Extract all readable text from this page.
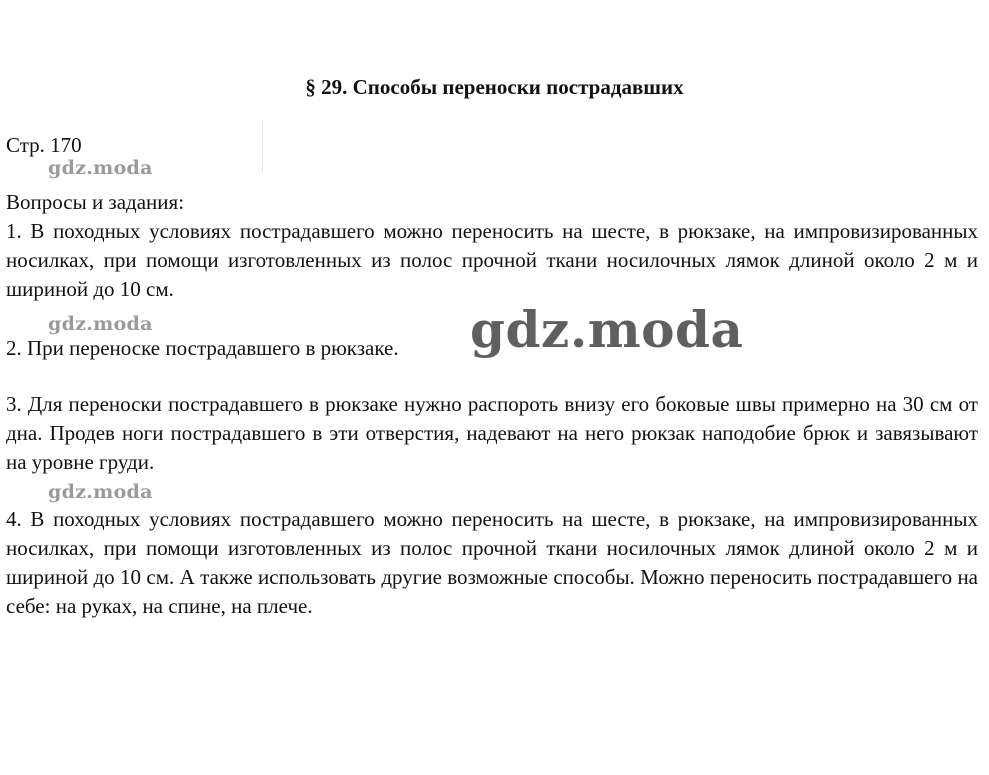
§ 29. Способы переноски пострадавших
Стр. 170
gdz.moda
Вопросы и задания:
1. В походных условиях пострадавшего можно переносить на шесте, в рюкзаке, на импровизированных носилках, при помощи изготовленных из полос прочной ткани носилочных лямок длиной около 2 м и шириной до 10 см.
gdz.moda
2. При переноске пострадавшего в рюкзаке. gdz.moda
3. Для переноски пострадавшего в рюкзаке нужно распороть внизу его боковые швы примерно на 30 см от дна. Продев ноги пострадавшего в эти отверстия, надевают на него рюкзак наподобие брюк и завязывают на уровне груди.
gdz.moda
4. В походных условиях пострадавшего можно переносить на шесте, в рюкзаке, на импровизированных носилках, при помощи изготовленных из полос прочной ткани носилочных лямок длиной около 2 м и шириной до 10 см. А также использовать другие возможные способы. Можно переносить пострадавшего на себе: на руках, на спине, на плече.
